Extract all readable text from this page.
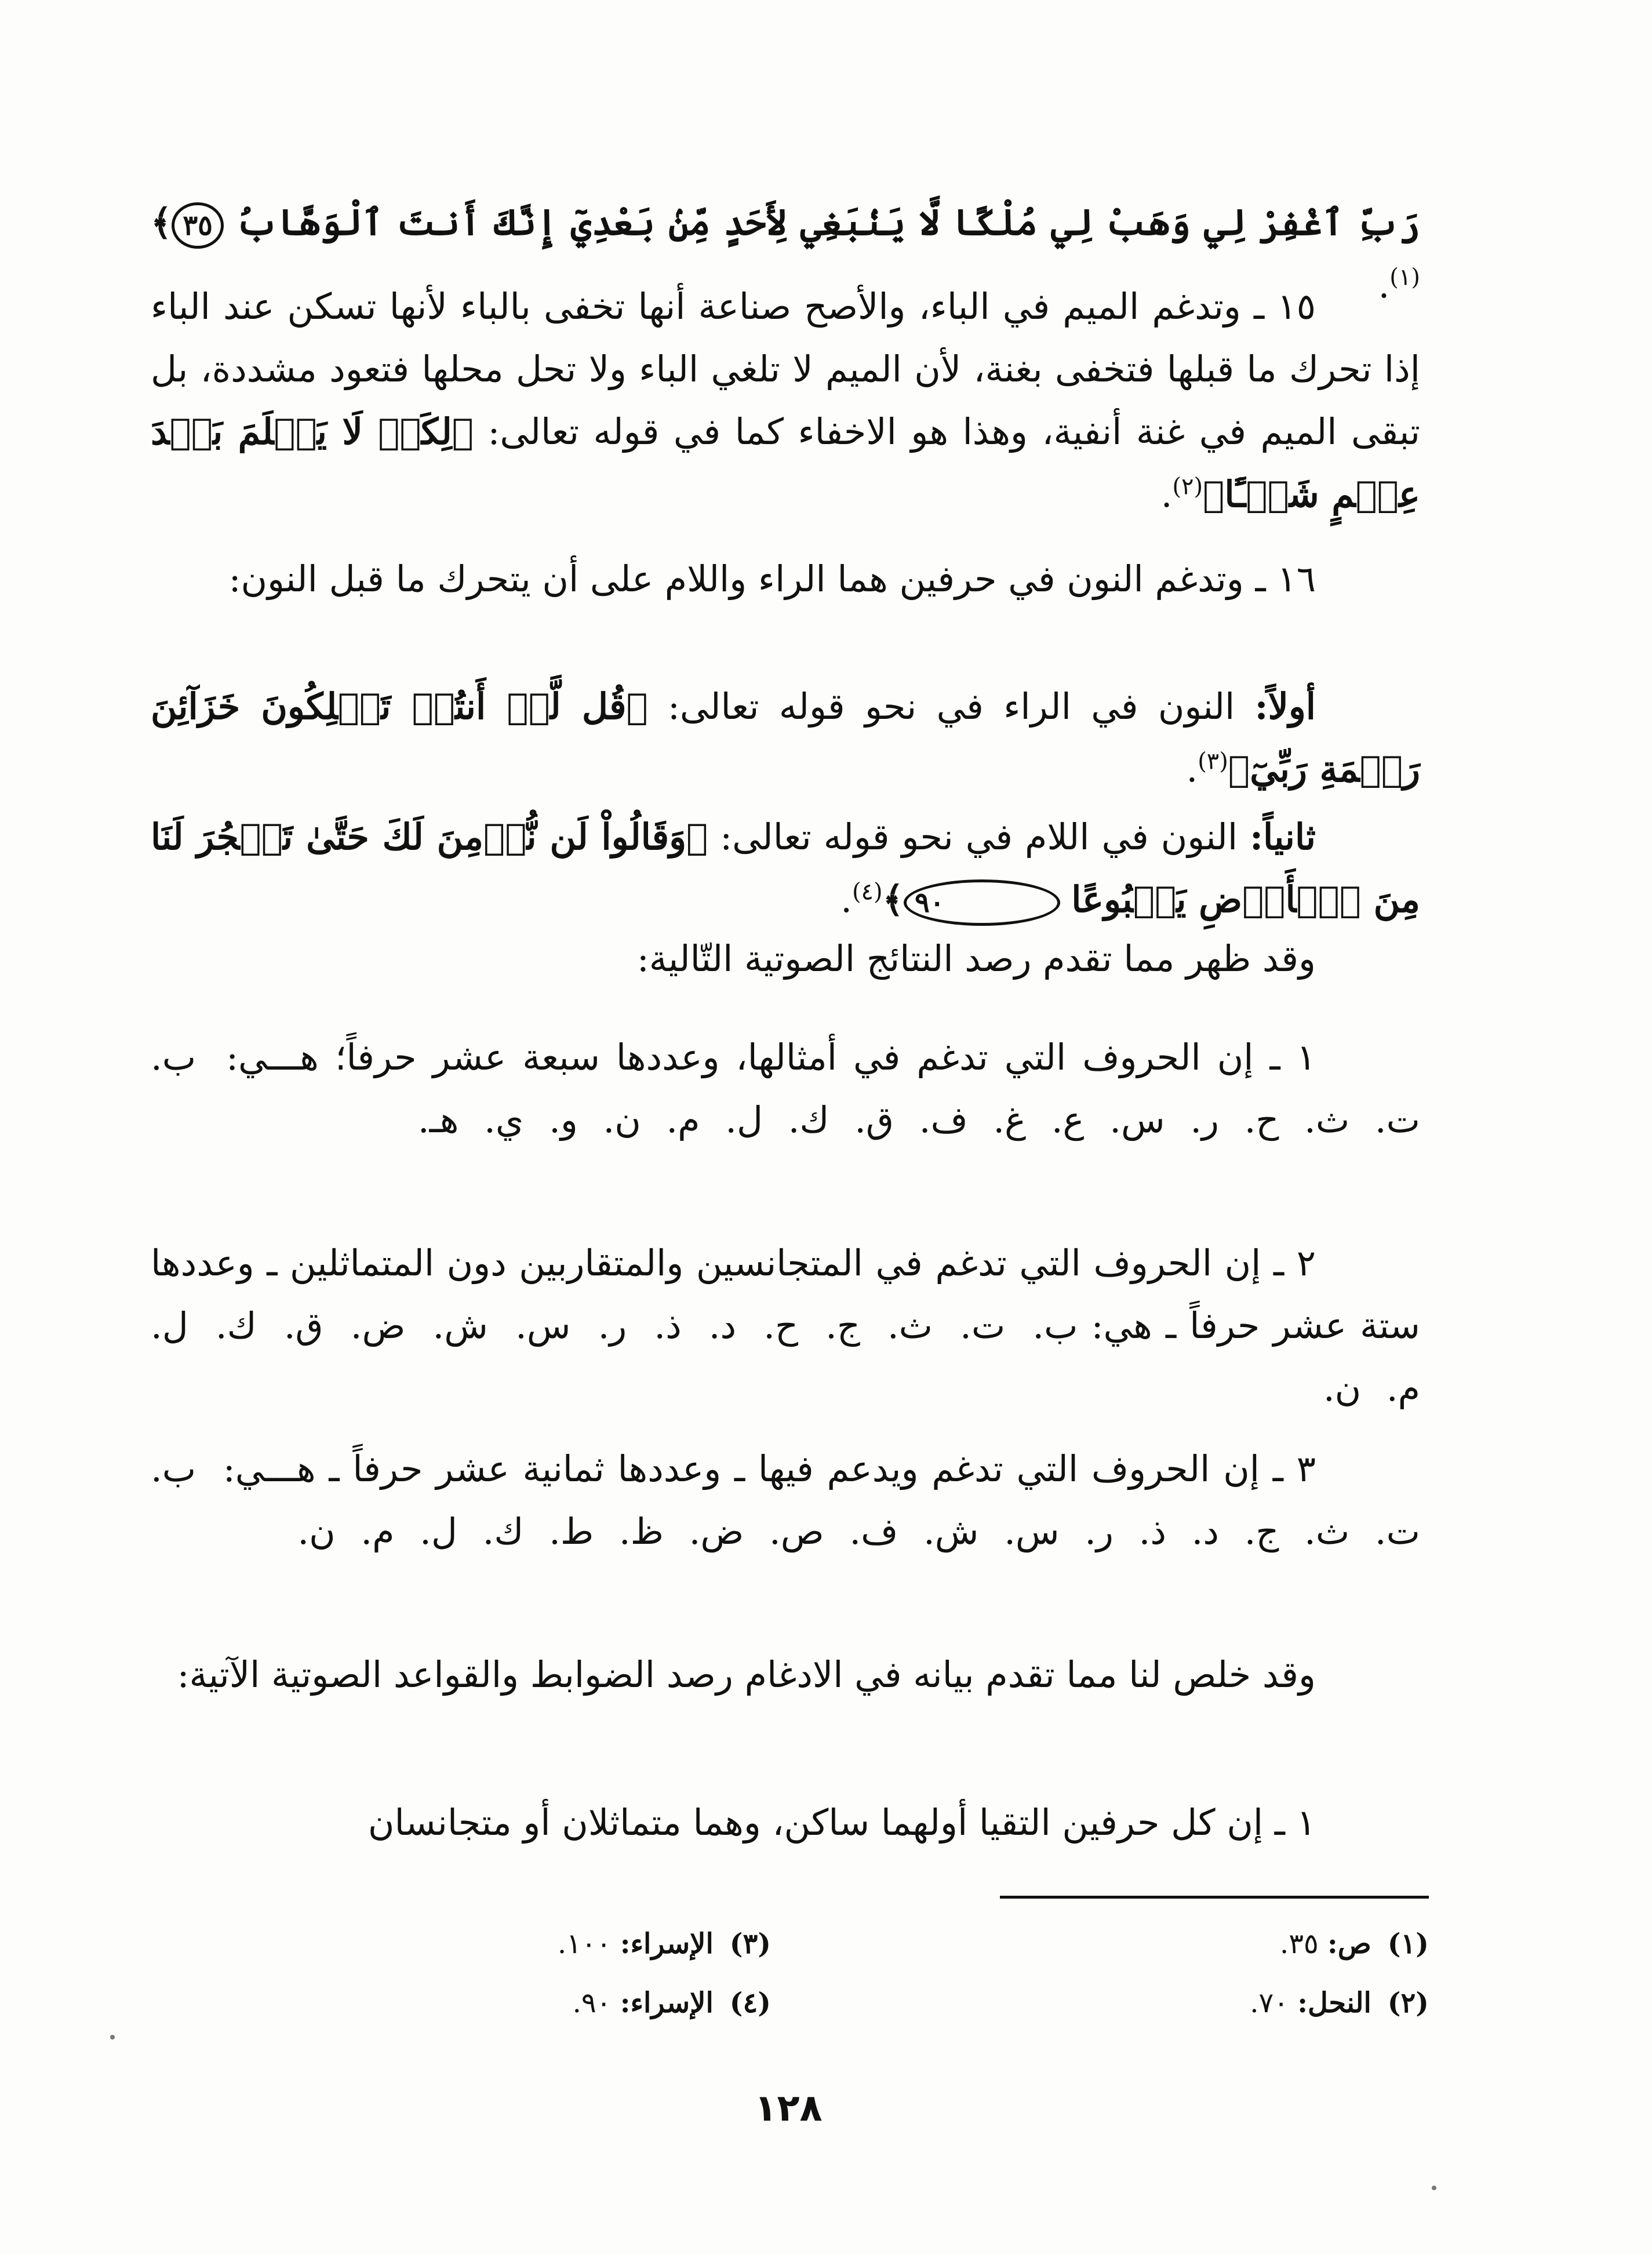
رَبِّ ٱغْفِرْ لِي وَهَبْ لِي مُلْكًا لَّا يَنۢبَغِي لِأَحَدٍ مِّنۢ بَعْدِيٓ إِنَّكَ أَنتَ ٱلْوَهَّابُ ٣٥﴾$^{(١)}$.

١٥ ـ وتدغم الميم في الباء، والأصح صناعة أنها تخفى بالباء لأنها تسكن عند الباء إذا تحرك ما قبلها فتخفى بغنة، لأن الميم لا تلغي الباء ولا تحل محلها فتعود مشددة، بل تبقى الميم في غنة أنفية، وهذا هو الاخفاء كما في قوله تعالى: ﴿لِكَىۡ لَا يَعۡلَمَ بَعۡدَ عِلۡمٍ شَيۡـًٔا﴾$^{(٢)}$.

١٦ ـ وتدغم النون في حرفين هما الراء واللام على أن يتحرك ما قبل النون:

أولاً: النون في الراء في نحو قوله تعالى: ﴿قُل لَّوۡ أَنتُمۡ تَمۡلِكُونَ خَزَآئِنَ رَحۡمَةِ رَبِّيٓ﴾$^{(٣)}$.

ثانياً: النون في اللام في نحو قوله تعالى: ﴿وَقَالُواْ لَن نُّؤۡمِنَ لَكَ حَتَّىٰ تَفۡجُرَ لَنَا مِنَ ٱلۡأَرۡضِ يَنۢبُوعًا ٩٠﴾$^{(٤)}$.

وقد ظهر مما تقدم رصد النتائج الصوتية التّالية:

١ ـ إن الحروف التي تدغم في أمثالها، وعددها سبعة عشر حرفاً؛ هـــي: ب. ت. ث. ح. ر. س. ع. غ. ف. ق. ك. ل. م. ن. و. ي. هـ.

٢ ـ إن الحروف التي تدغم في المتجانسين والمتقاربين دون المتماثلين ـ وعددها ستة عشر حرفاً ـ هي: ب. ت. ث. ج. ح. د. ذ. ر. س. ش. ض. ق. ك. ل. م. ن.

٣ ـ إن الحروف التي تدغم ويدعم فيها ـ وعددها ثمانية عشر حرفاً ـ هـــي: ب. ت. ث. ج. د. ذ. ر. س. ش. ف. ص. ض. ظ. ط. ك. ل. م. ن.

وقد خلص لنا مما تقدم بيانه في الادغام رصد الضوابط والقواعد الصوتية الآتية:

١ ـ إن كل حرفين التقيا أولهما ساكن، وهما متماثلان أو متجانسان

(١)ص: ٣٥.
(٢)النحل: ٧٠.
(٣)الإسراء: ١٠٠.
(٤)الإسراء: ٩٠.
١٢٨
